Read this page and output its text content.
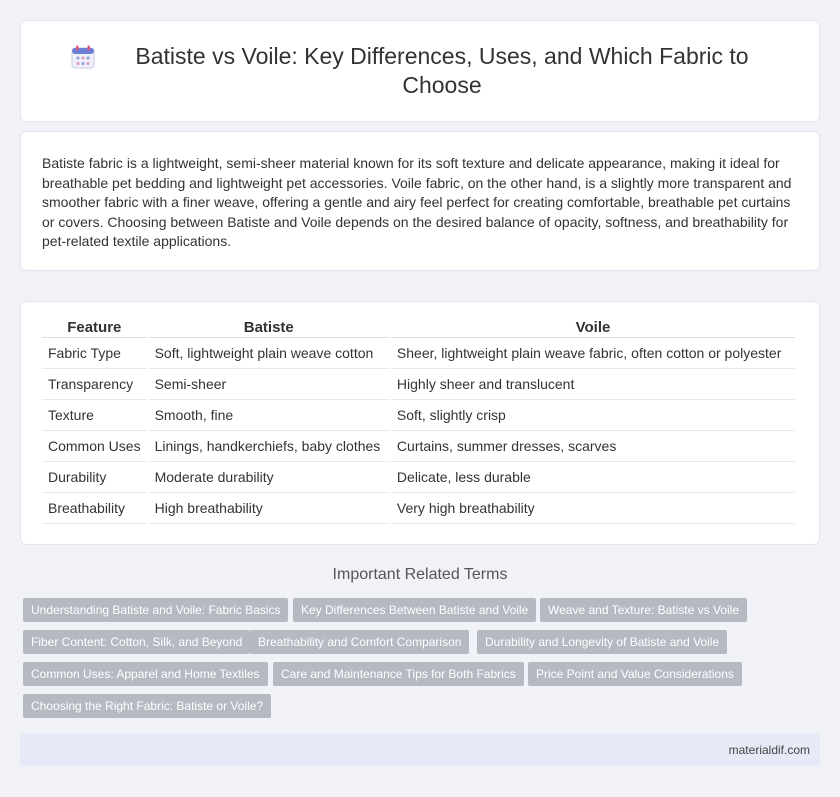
Batiste vs Voile: Key Differences, Uses, and Which Fabric to Choose

Batiste fabric is a lightweight, semi-sheer material known for its soft texture and delicate appearance, making it ideal for breathable pet bedding and lightweight pet accessories. Voile fabric, on the other hand, is a slightly more transparent and smoother fabric with a finer weave, offering a gentle and airy feel perfect for creating comfortable, breathable pet curtains or covers. Choosing between Batiste and Voile depends on the desired balance of opacity, softness, and breathability for pet-related textile applications.

Feature	Batiste	Voile
Fabric Type	Soft, lightweight plain weave cotton	Sheer, lightweight plain weave fabric, often cotton or polyester
Transparency	Semi-sheer	Highly sheer and translucent
Texture	Smooth, fine	Soft, slightly crisp
Common Uses	Linings, handkerchiefs, baby clothes	Curtains, summer dresses, scarves
Durability	Moderate durability	Delicate, less durable
Breathability	High breathability	Very high breathability
Important Related Terms
Understanding Batiste and Voile: Fabric Basics	Key Differences Between Batiste and Voile	Weave and Texture: Batiste vs Voile
Fiber Content: Cotton, Silk, and Beyond	Breathability and Comfort Comparison	Durability and Longevity of Batiste and Voile
Common Uses: Apparel and Home Textiles	Care and Maintenance Tips for Both Fabrics	Price Point and Value Considerations
Choosing the Right Fabric: Batiste or Voile?
materialdif.com
